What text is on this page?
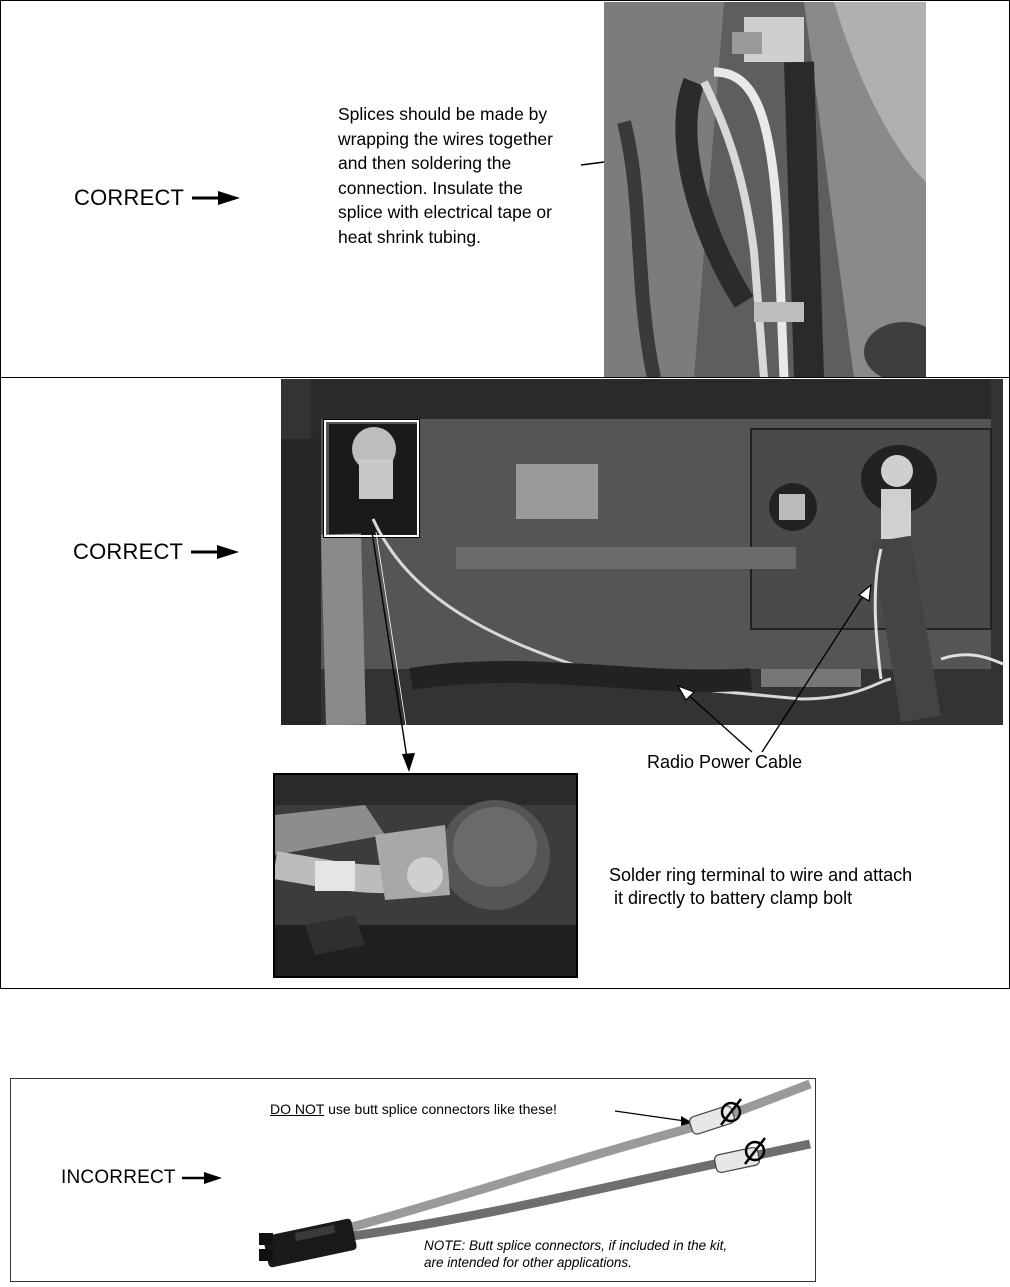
CORRECT
Splices should be made by
wrapping the wires together
and then soldering the
connection. Insulate the
splice with electrical tape or
heat shrink tubing.
CORRECT
Radio Power Cable
Solder ring terminal to wire and attach
it directly to battery clamp bolt
INCORRECT
DO NOT use butt splice connectors like these!
NOTE: Butt splice connectors, if included in the kit,
are intended for other applications.
